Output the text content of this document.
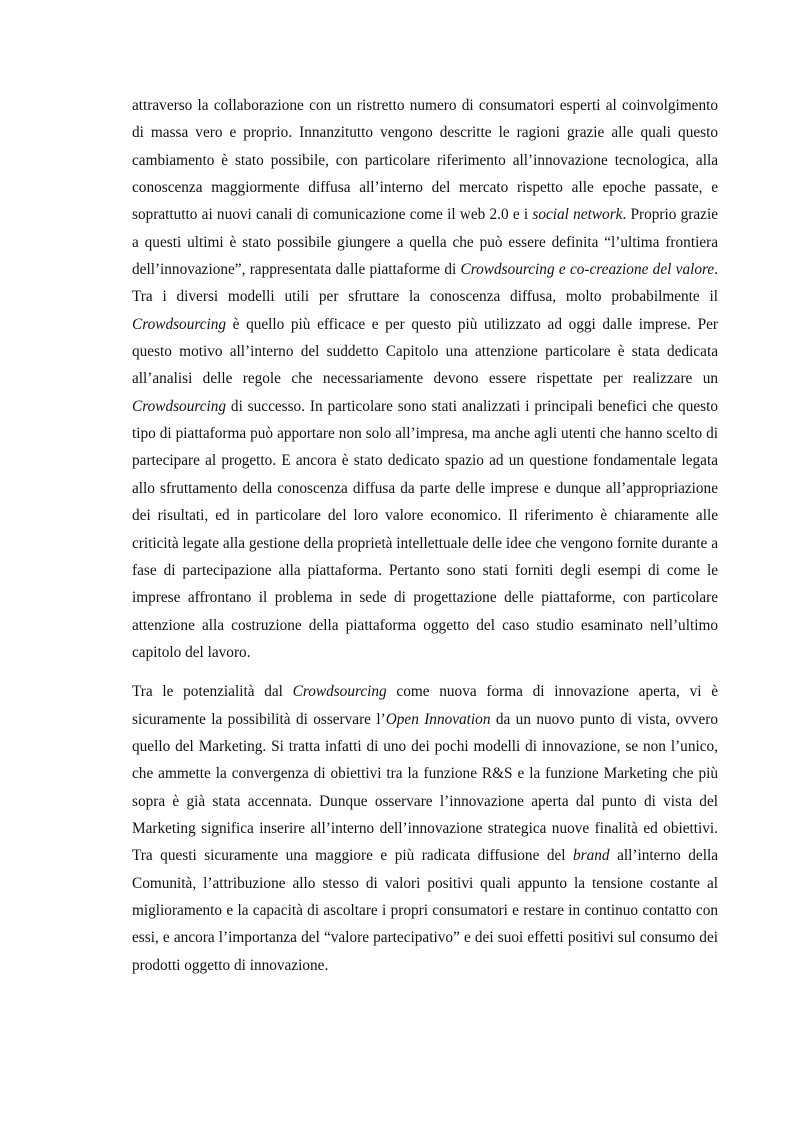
attraverso la collaborazione con un ristretto numero di consumatori esperti al coinvolgimento di massa vero e proprio. Innanzitutto vengono descritte le ragioni grazie alle quali questo cambiamento è stato possibile, con particolare riferimento all’innovazione tecnologica, alla conoscenza maggiormente diffusa all’interno del mercato rispetto alle epoche passate, e soprattutto ai nuovi canali di comunicazione come il web 2.0 e i social network. Proprio grazie a questi ultimi è stato possibile giungere a quella che può essere definita “l’ultima frontiera dell’innovazione”, rappresentata dalle piattaforme di Crowdsourcing e co-creazione del valore. Tra i diversi modelli utili per sfruttare la conoscenza diffusa, molto probabilmente il Crowdsourcing è quello più efficace e per questo più utilizzato ad oggi dalle imprese. Per questo motivo all’interno del suddetto Capitolo una attenzione particolare è stata dedicata all’analisi delle regole che necessariamente devono essere rispettate per realizzare un Crowdsourcing di successo. In particolare sono stati analizzati i principali benefici che questo tipo di piattaforma può apportare non solo all’impresa, ma anche agli utenti che hanno scelto di partecipare al progetto. E ancora è stato dedicato spazio ad un questione fondamentale legata allo sfruttamento della conoscenza diffusa da parte delle imprese e dunque all’appropriazione dei risultati, ed in particolare del loro valore economico. Il riferimento è chiaramente alle criticità legate alla gestione della proprietà intellettuale delle idee che vengono fornite durante a fase di partecipazione alla piattaforma. Pertanto sono stati forniti degli esempi di come le imprese affrontano il problema in sede di progettazione delle piattaforme, con particolare attenzione alla costruzione della piattaforma oggetto del caso studio esaminato nell’ultimo capitolo del lavoro.

Tra le potenzialità dal Crowdsourcing come nuova forma di innovazione aperta, vi è sicuramente la possibilità di osservare l’Open Innovation da un nuovo punto di vista, ovvero quello del Marketing. Si tratta infatti di uno dei pochi modelli di innovazione, se non l’unico, che ammette la convergenza di obiettivi tra la funzione R&S e la funzione Marketing che più sopra è già stata accennata. Dunque osservare l’innovazione aperta dal punto di vista del Marketing significa inserire all’interno dell’innovazione strategica nuove finalità ed obiettivi. Tra questi sicuramente una maggiore e più radicata diffusione del brand all’interno della Comunità, l’attribuzione allo stesso di valori positivi quali appunto la tensione costante al miglioramento e la capacità di ascoltare i propri consumatori e restare in continuo contatto con essi, e ancora l’importanza del “valore partecipativo” e dei suoi effetti positivi sul consumo dei prodotti oggetto di innovazione.
